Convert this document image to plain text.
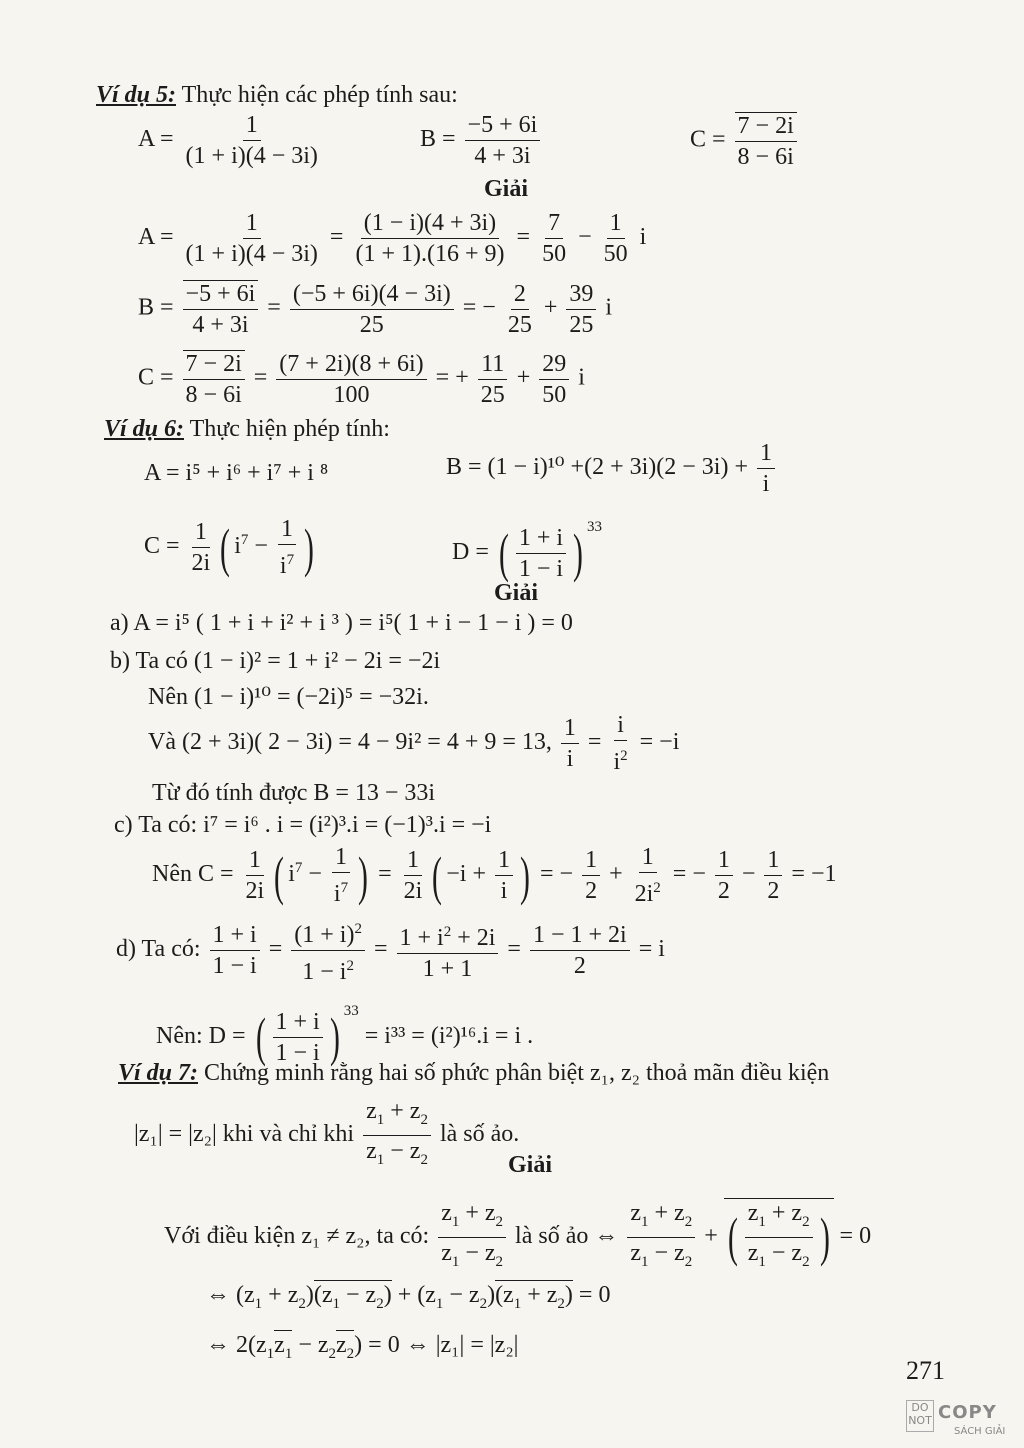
Ví dụ 5: Thực hiện các phép tính sau:
$A = \frac{1}{(1 + i)(4 - 3i)}$	$B = \frac{-5 + 6i}{4 + 3i}$	$C = \frac{7 - 2i}{8 - 6i}$
Giải
$A = \frac{1}{(1 + i)(4 - 3i)} = \frac{(1 - i)(4 + 3i)}{(1 + 1).(16 + 9)} = \frac{7}{50} - \frac{1}{50}$ i
$B = \frac{-5 + 6i}{4 + 3i} = \frac{(-5 + 6i)(4 - 3i)}{25}$ = − $\frac{2}{25} + \frac{39}{25}$ i
$C = \frac{7 - 2i}{8 - 6i} = \frac{(7 + 2i)(8 + 6i)}{100}$ = + $\frac{11}{25} + \frac{29}{50}$ i
Ví dụ 6: Thực hiện phép tính:
A = i⁵ + i⁶ + i⁷ + i ⁸	$B = (1 - i)^{10} +(2 + 3i)(2 - 3i) + \frac{1}{i}$
$C = \frac{1}{2i}$ ( $i^7 - \frac{1}{i^7}$ )	D = ( $\frac{1 + i}{1 - i}$ ) $^{33}$
Giải
a) A = i⁵ ( 1 + i + i² + i ³ ) = i⁵( 1 + i − 1 − i ) = 0
b) Ta có (1 − i)² = 1 + i² − 2i = −2i
Nên (1 − i)¹⁰ = (−2i)⁵ = −32i.
Và (2 + 3i)( 2 − 3i) = 4 − 9i² = 4 + 9 = 13, $\frac{1}{i} = \frac{i}{i^2} = -i$
Từ đó tính được B = 13 − 33i
c) Ta có: i⁷ = i⁶ . i = (i²)³.i = (−1)³.i = −i
Nên $C = \frac{1}{2i}$ ( $i^7 - \frac{1}{i^7}$ ) = $\frac{1}{2i}$ ( $-i + \frac{1}{i}$ ) = − $\frac{1}{2} + \frac{1}{2i^2}$ = − $\frac{1}{2} - \frac{1}{2} = -1$
d) Ta có: $\frac{1 + i}{1 - i} = \frac{(1 + i)^2}{1 - i^2} = \frac{1 + i^2 + 2i}{1 + 1} = \frac{1 - 1 + 2i}{2} = i$
Nên: D = ( $\frac{1 + i}{1 - i}$ ) $^{33}$ = i³³ = (i²)¹⁶.i = i .
Ví dụ 7: Chứng minh rằng hai số phức phân biệt z₁, z₂ thoả mãn điều kiện
|z₁| = |z₂| khi và chỉ khi $\frac{z_1 + z_2}{z_1 - z_2}$ là số ảo.
Giải
Với điều kiện z₁ ≠ z₂, ta có: $\frac{z_1 + z_2}{z_1 - z_2}$ là số ảo ⇔ $\frac{z_1 + z_2}{z_1 - z_2}$ + ( $\frac{z_1 + z_2}{z_1 - z_2}$ ) = 0
⇔ $(z_1 + z_2)(z_1 - z_2) + (z_1 - z_2)(z_1 + z_2) = 0$
⇔ $2(z_1z_1 - z_2z_2) = 0$ ⇔ |z₁| = |z₂|
271
DO
NOT COPY
SÁCH GIẢI
